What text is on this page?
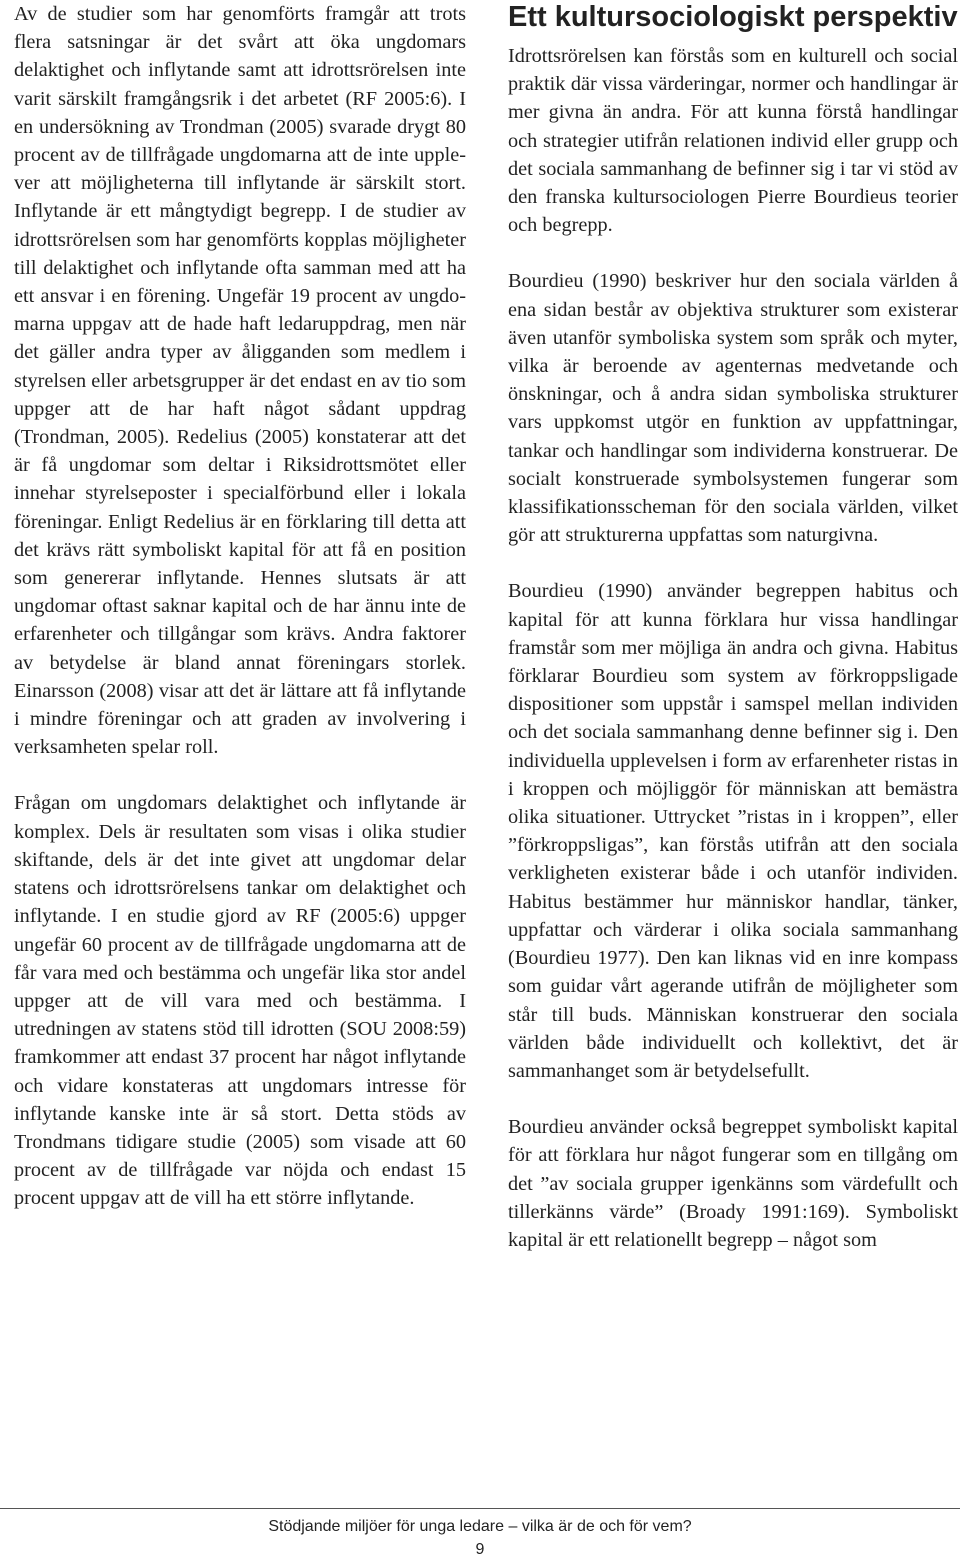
Av de studier som har genomförts framgår att trots flera satsningar är det svårt att öka ungdomars delaktighet och inflytande samt att idrottsrörelsen inte varit särskilt framgångsrik i det arbetet (RF 2005:6). I en undersökning av Trondman (2005) svarade drygt 80 procent av de tillfrågade ungdomarna att de inte upplever att möjligheterna till inflytande är särskilt stort. Inflytande är ett mångtydigt begrepp. I de studier av idrottsrörelsen som har genomförts kopplas möjligheter till delaktighet och inflytande ofta samman med att ha ett ansvar i en förening. Ungefär 19 procent av ungdomarna uppgav att de hade haft ledaruppdrag, men när det gäller andra typer av åligganden som medlem i styrelsen eller arbetsgrupper är det endast en av tio som uppger att de har haft något sådant uppdrag (Trondman, 2005). Redelius (2005) konstaterar att det är få ungdomar som deltar i Riksidrottsmötet eller innehar styrelseposter i specialförbund eller i lokala föreningar. Enligt Redelius är en förklaring till detta att det krävs rätt symboliskt kapital för att få en position som genererar inflytande. Hennes slutsats är att ungdomar oftast saknar kapital och de har ännu inte de erfarenheter och tillgångar som krävs. Andra faktorer av betydelse är bland annat föreningars storlek. Einarsson (2008) visar att det är lättare att få inflytande i mindre föreningar och att graden av involvering i verksamheten spelar roll.

Frågan om ungdomars delaktighet och inflytande är komplex. Dels är resultaten som visas i olika studier skiftande, dels är det inte givet att ungdomar delar statens och idrottsrörelsens tankar om delaktighet och inflytande. I en studie gjord av RF (2005:6) uppger ungefär 60 procent av de tillfrågade ungdomarna att de får vara med och bestämma och ungefär lika stor andel uppger att de vill vara med och bestämma. I utredningen av statens stöd till idrotten (SOU 2008:59) framkommer att endast 37 procent har något inflytande och vidare konstateras att ungdomars intresse för inflytande kanske inte är så stort. Detta stöds av Trondmans tidigare studie (2005) som visade att 60 procent av de tillfrågade var nöjda och endast 15 procent uppgav att de vill ha ett större inflytande.

Ett kultursociologiskt perspektiv

Idrottsrörelsen kan förstås som en kulturell och social praktik där vissa värderingar, normer och handlingar är mer givna än andra. För att kunna förstå handlingar och strategier utifrån relationen individ eller grupp och det sociala sammanhang de befinner sig i tar vi stöd av den franska kultursociologen Pierre Bourdieus teorier och begrepp.

Bourdieu (1990) beskriver hur den sociala världen å ena sidan består av objektiva strukturer som existerar även utanför symboliska system som språk och myter, vilka är beroende av agenternas medvetande och önskningar, och å andra sidan symboliska strukturer vars uppkomst utgör en funktion av uppfattningar, tankar och handlingar som individerna konstruerar. De socialt konstruerade symbolsystemen fungerar som klassifikationsscheman för den sociala världen, vilket gör att strukturerna uppfattas som naturgivna.

Bourdieu (1990) använder begreppen habitus och kapital för att kunna förklara hur vissa handlingar framstår som mer möjliga än andra och givna. Habitus förklarar Bourdieu som system av förkroppsligade dispositioner som uppstår i samspel mellan individen och det sociala sammanhang denne befinner sig i. Den individuella upplevelsen i form av erfarenheter ristas in i kroppen och möjliggör för människan att bemästra olika situationer. Uttrycket ”ristas in i kroppen”, eller ”förkroppsligas”, kan förstås utifrån att den sociala verkligheten existerar både i och utanför individen. Habitus bestämmer hur människor handlar, tänker, uppfattar och värderar i olika sociala sammanhang (Bourdieu 1977). Den kan liknas vid en inre kompass som guidar vårt agerande utifrån de möjligheter som står till buds. Människan konstruerar den sociala världen både individuellt och kollektivt, det är sammanhanget som är betydelsefullt.

Bourdieu använder också begreppet symboliskt kapital för att förklara hur något fungerar som en tillgång om det ”av sociala grupper igenkänns som värdefullt och tillerkänns värde” (Broady 1991:169). Symboliskt kapital är ett relationellt begrepp – något som

Stödjande miljöer för unga ledare – vilka är de och för vem?
9
